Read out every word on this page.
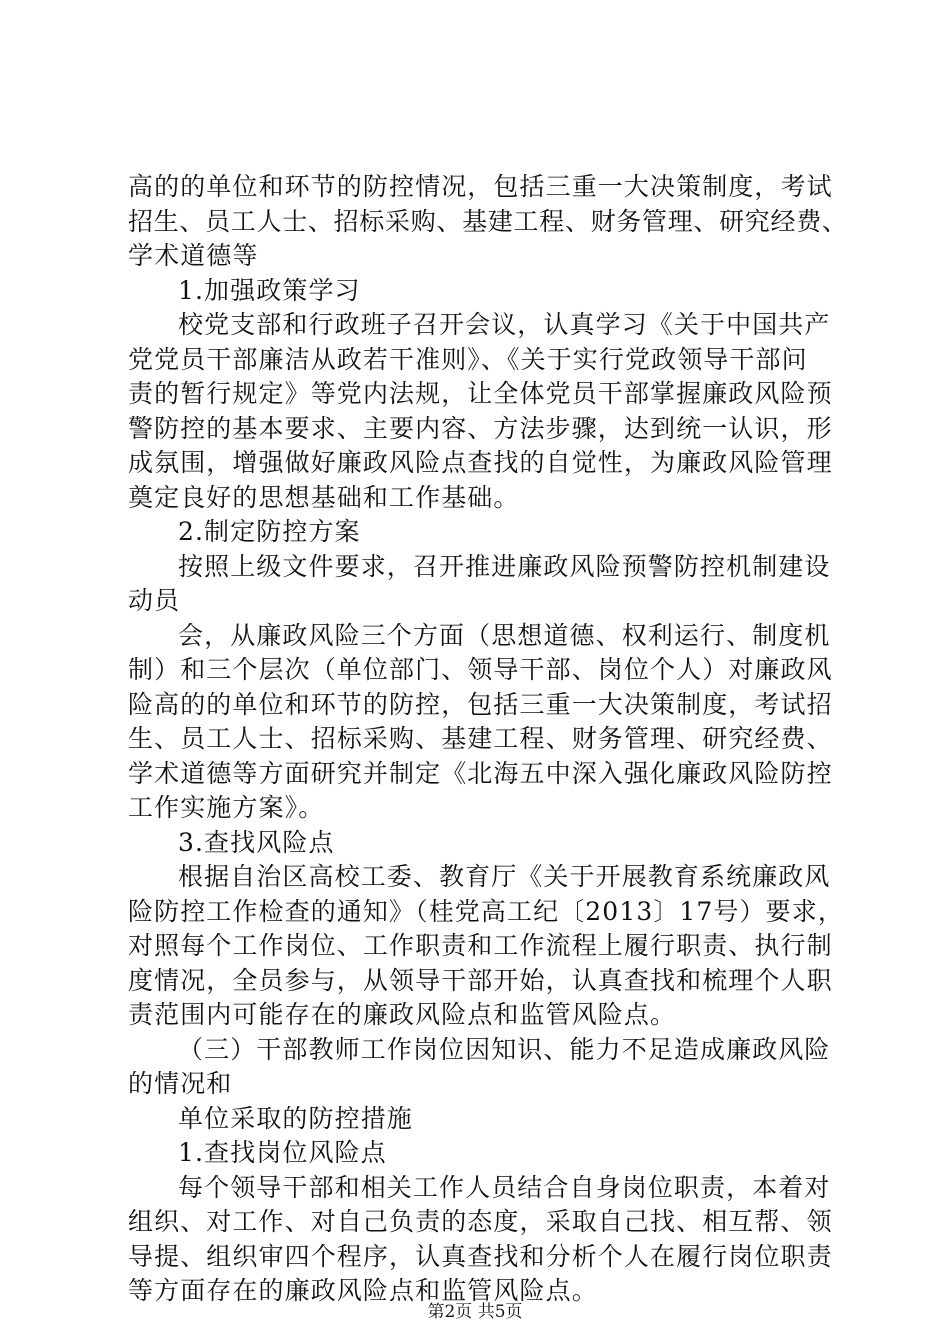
高的的单位和环节的防控情况，包括三重一大决策制度，考试
招生、员工人士、招标采购、基建工程、财务管理、研究经费、
学术道德等
1.加强政策学习
校党支部和行政班子召开会议，认真学习《关于中国共产
党党员干部廉洁从政若干准则》、《关于实行党政领导干部问
责的暂行规定》等党内法规，让全体党员干部掌握廉政风险预
警防控的基本要求、主要内容、方法步骤，达到统一认识，形
成氛围，增强做好廉政风险点查找的自觉性，为廉政风险管理
奠定良好的思想基础和工作基础。
2.制定防控方案
按照上级文件要求，召开推进廉政风险预警防控机制建设
动员
会，从廉政风险三个方面（思想道德、权利运行、制度机
制）和三个层次（单位部门、领导干部、岗位个人）对廉政风
险高的的单位和环节的防控，包括三重一大决策制度，考试招
生、员工人士、招标采购、基建工程、财务管理、研究经费、
学术道德等方面研究并制定《北海五中深入强化廉政风险防控
工作实施方案》。
3.查找风险点
根据自治区高校工委、教育厅《关于开展教育系统廉政风
险防控工作检查的通知》（桂党高工纪〔2013〕17号）要求，
对照每个工作岗位、工作职责和工作流程上履行职责、执行制
度情况，全员参与，从领导干部开始，认真查找和梳理个人职
责范围内可能存在的廉政风险点和监管风险点。
（三）干部教师工作岗位因知识、能力不足造成廉政风险
的情况和
单位采取的防控措施
1.查找岗位风险点
每个领导干部和相关工作人员结合自身岗位职责，本着对
组织、对工作、对自己负责的态度，采取自己找、相互帮、领
导提、组织审四个程序，认真查找和分析个人在履行岗位职责
等方面存在的廉政风险点和监管风险点。
第2页 共5页
